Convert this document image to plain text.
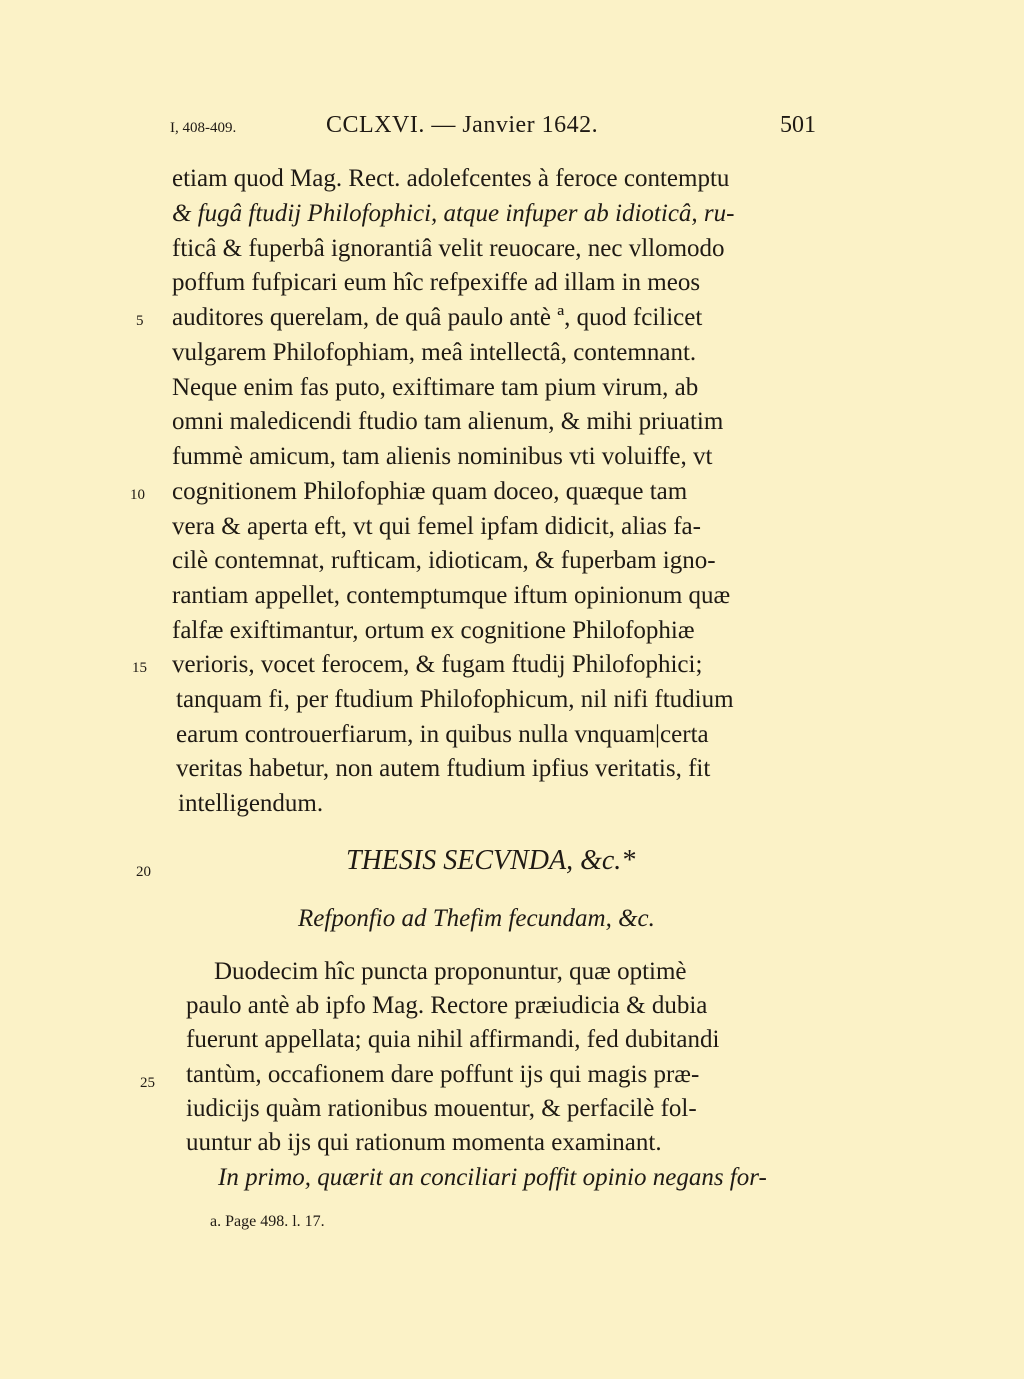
I, 408-409.	CCLXVI. — Janvier 1642.	501
etiam quod Mag. Rect. adolefcentes à feroce contemptu
& fugâ ftudij Philofophici, atque infuper ab idioticâ, ru-
fticâ & fuperbâ ignorantiâ velit reuocare, nec vllomodo
poffum fufpicari eum hîc refpexiffe ad illam in meos
auditores querelam, de quâ paulo antè ª, quod fcilicet
vulgarem Philofophiam, meâ intellectâ, contemnant.
Neque enim fas puto, exiftimare tam pium virum, ab
omni maledicendi ftudio tam alienum, & mihi priuatim
fummè amicum, tam alienis nominibus vti voluiffe, vt
cognitionem Philofophiæ quam doceo, quæque tam
vera & aperta eft, vt qui femel ipfam didicit, alias fa-
cilè contemnat, rufticam, idioticam, & fuperbam igno-
rantiam appellet, contemptumque iftum opinionum quæ
falfæ exiftimantur, ortum ex cognitione Philofophiæ
verioris, vocet ferocem, & fugam ftudij Philofophici;
tanquam fi, per ftudium Philofophicum, nil nifi ftudium
earum controuerfiarum, in quibus nulla vnquam|certa
veritas habetur, non autem ftudium ipfius veritatis, fit
intelligendum.
5
10
15
20
25
THESIS SECVNDA, &c.*
Refponfio ad Thefim fecundam, &c.
Duodecim hîc puncta proponuntur, quæ optimè
paulo antè ab ipfo Mag. Rectore præiudicia & dubia
fuerunt appellata; quia nihil affirmandi, fed dubitandi
tantùm, occafionem dare poffunt ijs qui magis præ-
iudicijs quàm rationibus mouentur, & perfacilè fol-
uuntur ab ijs qui rationum momenta examinant.
In primo, quærit an conciliari poffit opinio negans for-
a. Page 498. l. 17.
